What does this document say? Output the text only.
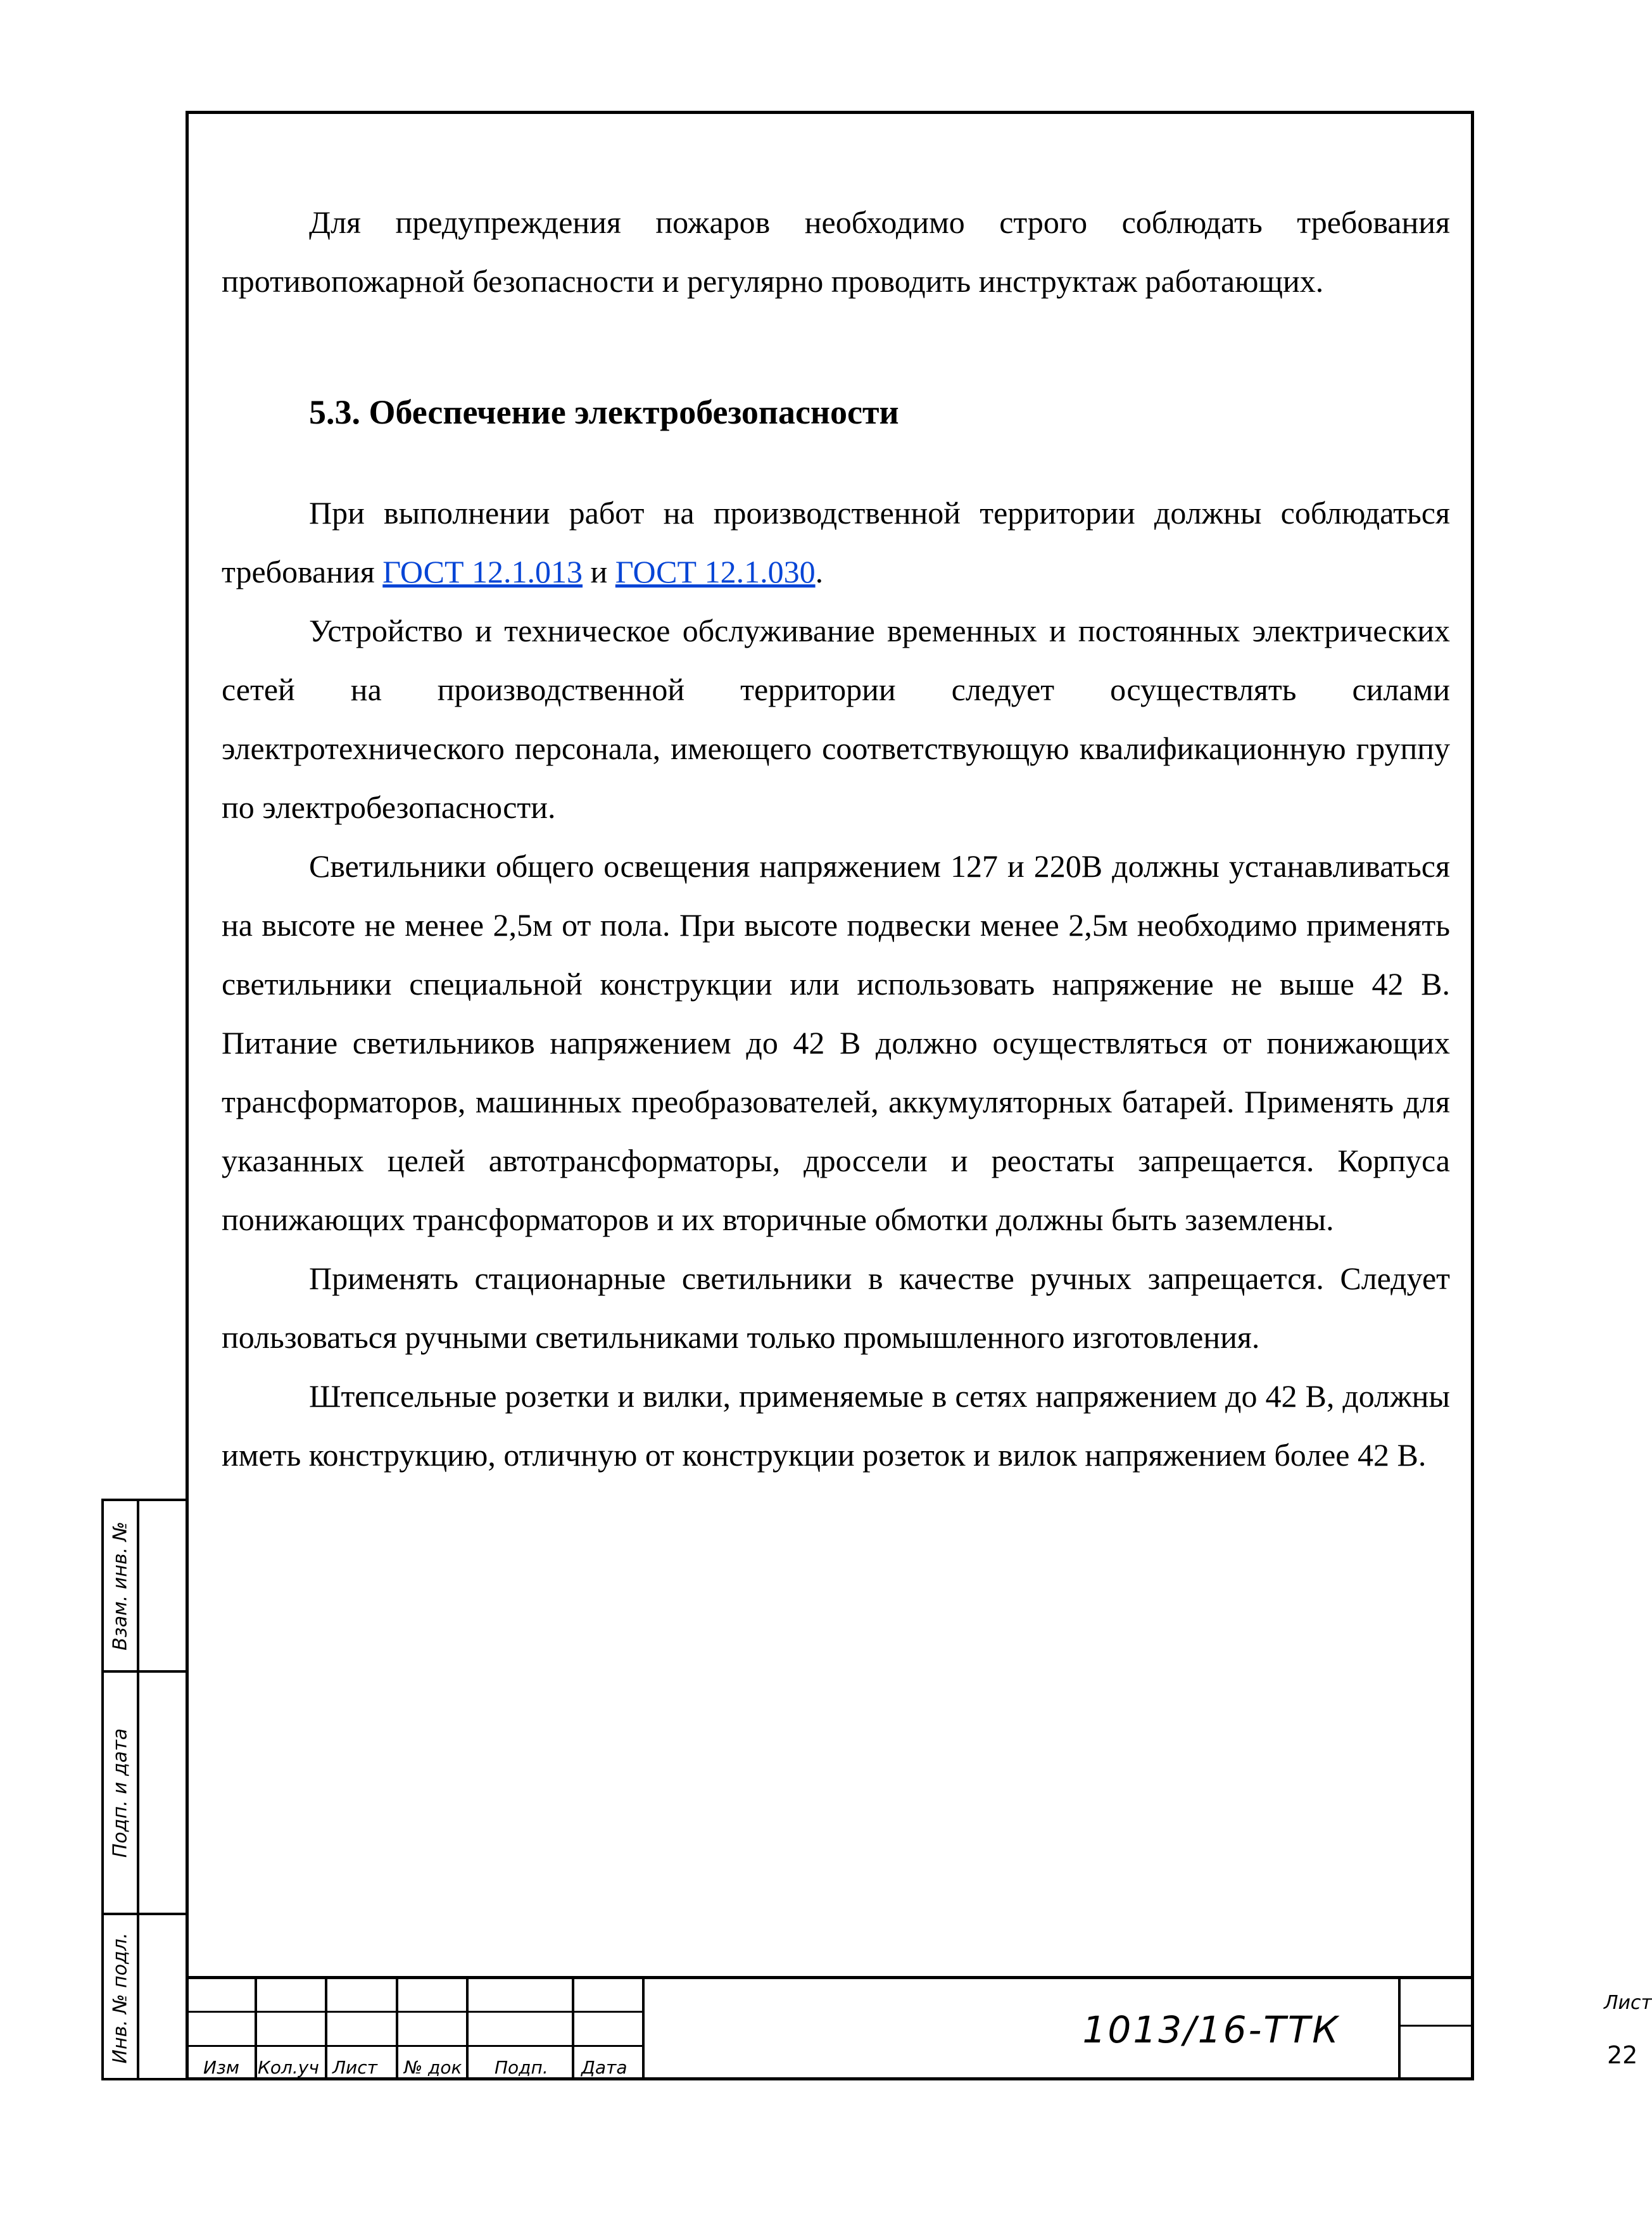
Для предупреждения пожаров необходимо строго соблюдать требования противопожарной безопасности и регулярно проводить инструктаж работающих.

5.3. Обеспечение электробезопасности

При выполнении работ на производственной территории должны соблюдаться требования ГОСТ 12.1.013 и ГОСТ 12.1.030.

Устройство и техническое обслуживание временных и постоянных электрических сетей на производственной территории следует осуществлять силами электротехнического персонала, имеющего соответствующую квалификационную группу по электробезопасности.

Светильники общего освещения напряжением 127 и 220В должны устанавливаться на высоте не менее 2,5м от пола. При высоте подвески менее 2,5м необходимо применять светильники специальной конструкции или использовать напряжение не выше 42 В. Питание светильников напряжением до 42 В должно осуществляться от понижающих трансформаторов, машинных преобразователей, аккумуляторных батарей. Применять для указанных целей автотрансформаторы, дроссели и реостаты запрещается. Корпуса понижающих трансформаторов и их вторичные обмотки должны быть заземлены.

Применять стационарные светильники в качестве ручных запрещается. Следует пользоваться ручными светильниками только промышленного изготовления.

Штепсельные розетки и вилки, применяемые в сетях напряжением до 42 В, должны иметь конструкцию, отличную от конструкции розеток и вилок напряжением более 42 В.

Взам. инв. №
Подп. и дата
Инв. № подл.
Изм Кол.уч Лист № док Подп. Дата
1013/16-ТТК
Лист
22
